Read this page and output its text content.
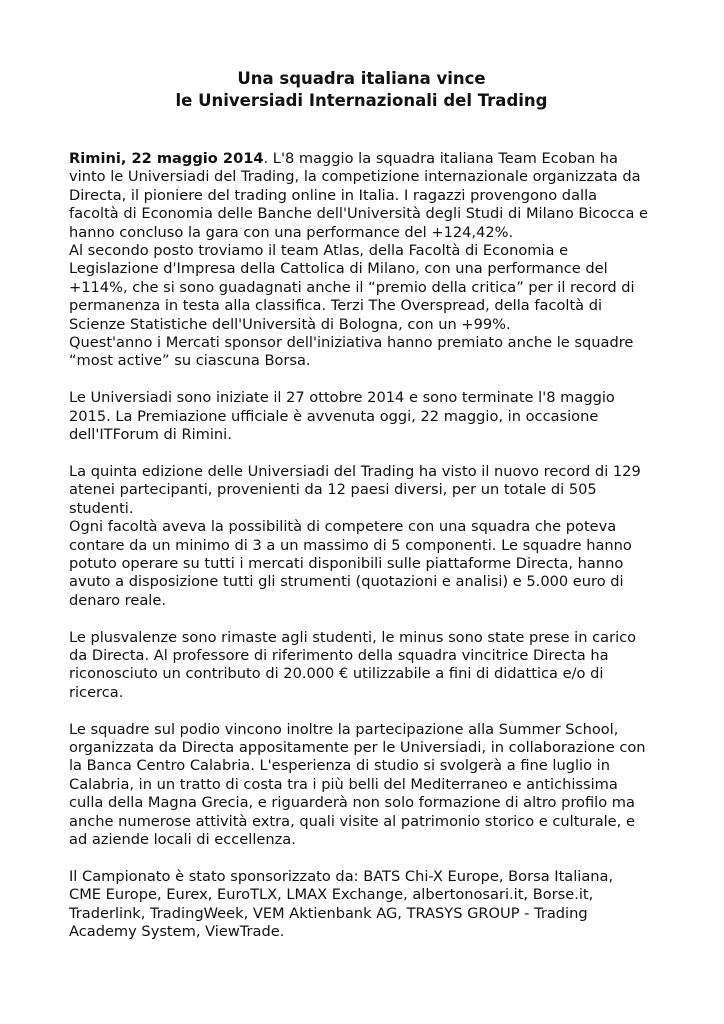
Una squadra italiana vince
le Universiadi Internazionali del Trading

Rimini, 22 maggio 2014. L'8 maggio la squadra italiana Team Ecoban ha
vinto le Universiadi del Trading, la competizione internazionale organizzata da
Directa, il pioniere del trading online in Italia. I ragazzi provengono dalla
facoltà di Economia delle Banche dell'Università degli Studi di Milano Bicocca e
hanno concluso la gara con una performance del +124,42%.
Al secondo posto troviamo il team Atlas, della Facoltà di Economia e
Legislazione d'Impresa della Cattolica di Milano, con una performance del
+114%, che si sono guadagnati anche il “premio della critica” per il record di
permanenza in testa alla classifica. Terzi The Overspread, della facoltà di
Scienze Statistiche dell'Università di Bologna, con un +99%.
Quest'anno i Mercati sponsor dell'iniziativa hanno premiato anche le squadre
“most active” su ciascuna Borsa.

Le Universiadi sono iniziate il 27 ottobre 2014 e sono terminate l'8 maggio
2015. La Premiazione ufficiale è avvenuta oggi, 22 maggio, in occasione
dell'ITForum di Rimini.

La quinta edizione delle Universiadi del Trading ha visto il nuovo record di 129
atenei partecipanti, provenienti da 12 paesi diversi, per un totale di 505
studenti.
Ogni facoltà aveva la possibilità di competere con una squadra che poteva
contare da un minimo di 3 a un massimo di 5 componenti. Le squadre hanno
potuto operare su tutti i mercati disponibili sulle piattaforme Directa, hanno
avuto a disposizione tutti gli strumenti (quotazioni e analisi) e 5.000 euro di
denaro reale.

Le plusvalenze sono rimaste agli studenti, le minus sono state prese in carico
da Directa. Al professore di riferimento della squadra vincitrice Directa ha
riconosciuto un contributo di 20.000 € utilizzabile a fini di didattica e/o di
ricerca.

Le squadre sul podio vincono inoltre la partecipazione alla Summer School,
organizzata da Directa appositamente per le Universiadi, in collaborazione con
la Banca Centro Calabria. L'esperienza di studio si svolgerà a fine luglio in
Calabria, in un tratto di costa tra i più belli del Mediterraneo e antichissima
culla della Magna Grecia, e riguarderà non solo formazione di altro profilo ma
anche numerose attività extra, quali visite al patrimonio storico e culturale, e
ad aziende locali di eccellenza.

Il Campionato è stato sponsorizzato da: BATS Chi-X Europe, Borsa Italiana,
CME Europe, Eurex, EuroTLX, LMAX Exchange, albertonosari.it, Borse.it,
Traderlink, TradingWeek, VEM Aktienbank AG, TRASYS GROUP - Trading
Academy System, ViewTrade.
